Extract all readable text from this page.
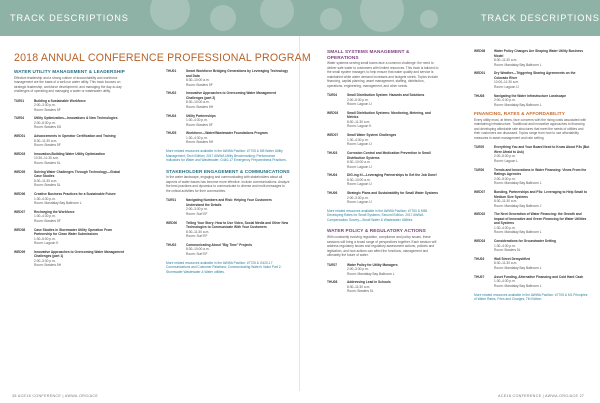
TRACK DESCRIPTIONS	TRACK DESCRIPTIONS
2018 ANNUAL CONFERENCE PROFESSIONAL PROGRAM
WATER UTILITY MANAGEMENT & LEADERSHIP
Effective leadership and a strong culture of accountability and workforce management are the basis of a well-run water utility. This track focuses on strategic leadership, workforce development, and managing the day-to-day challenges of operating and managing a water or wastewater utility.
TUE01	Building a Sustainable Workforce
2:00–3:30 p.m.
Room: Bowlers 5F
TUE04	Utility Optimization—Innovations & New Technologies
2:00–5:30 p.m.
Room: Bowlers 5G
WED01	Advancements in Operator Certification and Training
8:30–11:30 a.m.
Room: Bowlers 5F
WED03	Innovation-Building Water Utility Optimization
10:30–11:30 a.m.
Room: Bowlers 5L
WED05	Solving Water Challenges Through Technology—Global Case Studies
8:30–11:30 a.m.
Room: Bowlers 5L
WED06	Creative Business Practices for a Sustainable Future
1:30–4:30 p.m.
Room: Mandalay Bay Ballroom L
WED07	Recharging the Workforce
1:30–4:30 p.m.
Room: Bowlers 5F
WED08	Case Studies in Stormwater Utility Operation From Partnership for Clean Water Submissions
1:30–5:00 p.m.
Room: Lagoon K
WED09	Innovative Approaches to Overcoming Water Management Challenges (part 1)
2:00–3:30 p.m.
Room: Bowlers 5H
THU01	Smart Workforce Bridging Generations by Leveraging Technology and Data
8:30–10:00 a.m.
Room: Bowlers 5F
THU02	Innovative Approaches to Overcoming Water Management Challenges (part 2)
8:30–10:00 a.m.
Room: Bowlers 5H
THU04	Utility Partnerships
1:30–4:30 p.m.
Room: Bowlers 5F
THU05	Workforce—Water/Wastewater Foundations Program
1:30–4:30 p.m.
Room: Bowlers 5H
More related resources available in the AWWA Pavilion: #7705 & M5 Water Utility Management; Tech Edition; 2017 AWWA Utility Benchmarking; Performance Indicators for Water and Wastewater; G440-17 Emergency Preparedness Practices.
STAKEHOLDER ENGAGEMENT & COMMUNICATIONS
In the water landscape, engaging and communicating with stakeholders about all aspects of water issues has become more effective. Include communications. Analyze the best practices and dynamics to communicate to diverse and multi-messages to the critical activities for their communities.
TUE01	Navigating Numbers and Risk: Helping Your Customers Understand the Details
2:00–3:30 p.m.
Room: Surf EF
WED00	Telling Your Story: How to Use Video, Social Media and Other New Technologies to Communicate With Your Customers
8:30–11:30 a.m.
Room: Surf EF
THU02	Communicating About "Big Time" Projects
8:30–10:00 a.m.
Room: Surf EF
More related resources available in the AWWA Pavilion: #7726 & G420-17 Communications and Customer Relations; Communicating Water's Value Part 2: Stormwater Wastewater & Water utilities.
SMALL SYSTEMS MANAGEMENT & OPERATIONS
Water systems serving small towns face a common challenge: the need to deliver safe water to customers with limited resources. This track is tailored to the small system manager, to help ensure that water quality and service is maintained while water demand increases and budgets shrink. Topics include financing, capital planning, asset management, staffing, distribution, operations, engineering, management, and other needs.
TUE04	Small Distribution System: Hazards and Solutions
2:00–5:30 p.m.
Room: Lagoon IJ
WED03	Small Distribution Systems: Monitoring, Metering, and Metrics
8:30–11:30 a.m.
Room: Lagoon K
WED07	Small Water System Challenges
1:30–4:30 p.m.
Room: Lagoon IJ
THU03	Corrosion Control and Medication Prevention in Small Distribution Systems
8:30–10:00 a.m.
Room: Lagoon IJ
THU04	DIG-ing it!—Leveraging Partnerships to Get the Job Done!
8:30–10:00 a.m.
Room: Lagoon IJ
THU06	Strategic Plans and Sustainability for Small Water Systems
2:00–3:30 p.m.
Room: Lagoon IJ
More related resources available in the AWWA Pavilion: #7760 & M56 Developing Rates for Small Systems; Second Edition. 2017 AWWA Compensation Survey—Small Water & Wastewater Utilities.
WATER POLICY & REGULATORY ACTIONS
With constantly evolving regulation, compliance and policy issues, these sessions will bring a broad range of perspectives together. Each session will address regulatory issues and regulatory assessment actions, policies and legislation, and how actions can affect the functions, management and ultimately the future of water.
TUE07	Water Policy for Utility Managers
2:00–3:30 p.m.
Room: Mandalay Bay Ballroom L
THU08	Addressing Lead in Schools
8:30–11:30 a.m.
Room: Bowlers 5L
WED08	Water Policy Changes Are Shaping Water Utility Business Model
8:30–11:30 a.m.
Room: Mandalay Bay Ballroom L
WED01	Dry Weather—Triggering Sharing Agreements on the Colorado River
10:00–11:30 a.m.
Room: Lagoon IJ
THU08	Navigating the Water Infrastructure Landscape
2:00–4:30 p.m.
Room: Mandalay Bay Ballroom L
FINANCING, RATES & AFFORDABILITY
Every utility must, at times, face concerns with the rising costs associated with maintaining infrastructure. Traditional and innovative approaches to financing and developing affordable rate structures that meet the needs of utilities and their customers are discussed. Topics range from how to use affordability measures in asset management and rate setting.
TUE05	Everything You and Your Board Need to Know About P3s (But Were Afraid to Ask)
2:00–5:30 p.m.
Room: Lagoon L
TUE06	Trends and Innovations in Water Financing: Views From the Ratings Agencies
2:00–5:30 p.m.
Room: Mandalay Bay Ballroom L
WED07	Bonding, Partnerships and P3s: Leveraging to Help Small to Medium Size Systems
8:30–11:30 a.m.
Room: Mandalay Bay Ballroom J
WED02	The Next Generation of Water Financing: the Growth and Impact of Innovative and Green Financing for Water Utilities and Systems
1:30–4:30 p.m.
Room: Mandalay Bay Ballroom L
WED03	Considerations for Groundwater Setting
1:30–4:30 p.m.
Room: Bowlers 5L
THU03	Wall Street Demystified
8:30–11:30 a.m.
Room: Mandalay Bay Ballroom L
THU07	Asset Funding, Alternative Financing and Cold Hard Cash
1:30–4:30 p.m.
Room: Mandalay Bay Ballroom L
More related resources available in the AWWA Pavilion: #7705 & M1 Principles of Water Rates, Fees and Charges; 7th Edition.
38 ACE18 CONFERENCE | AWWA.ORG/ACE	ACE18 CONFERENCE | AWWA.ORG/ACE 27
